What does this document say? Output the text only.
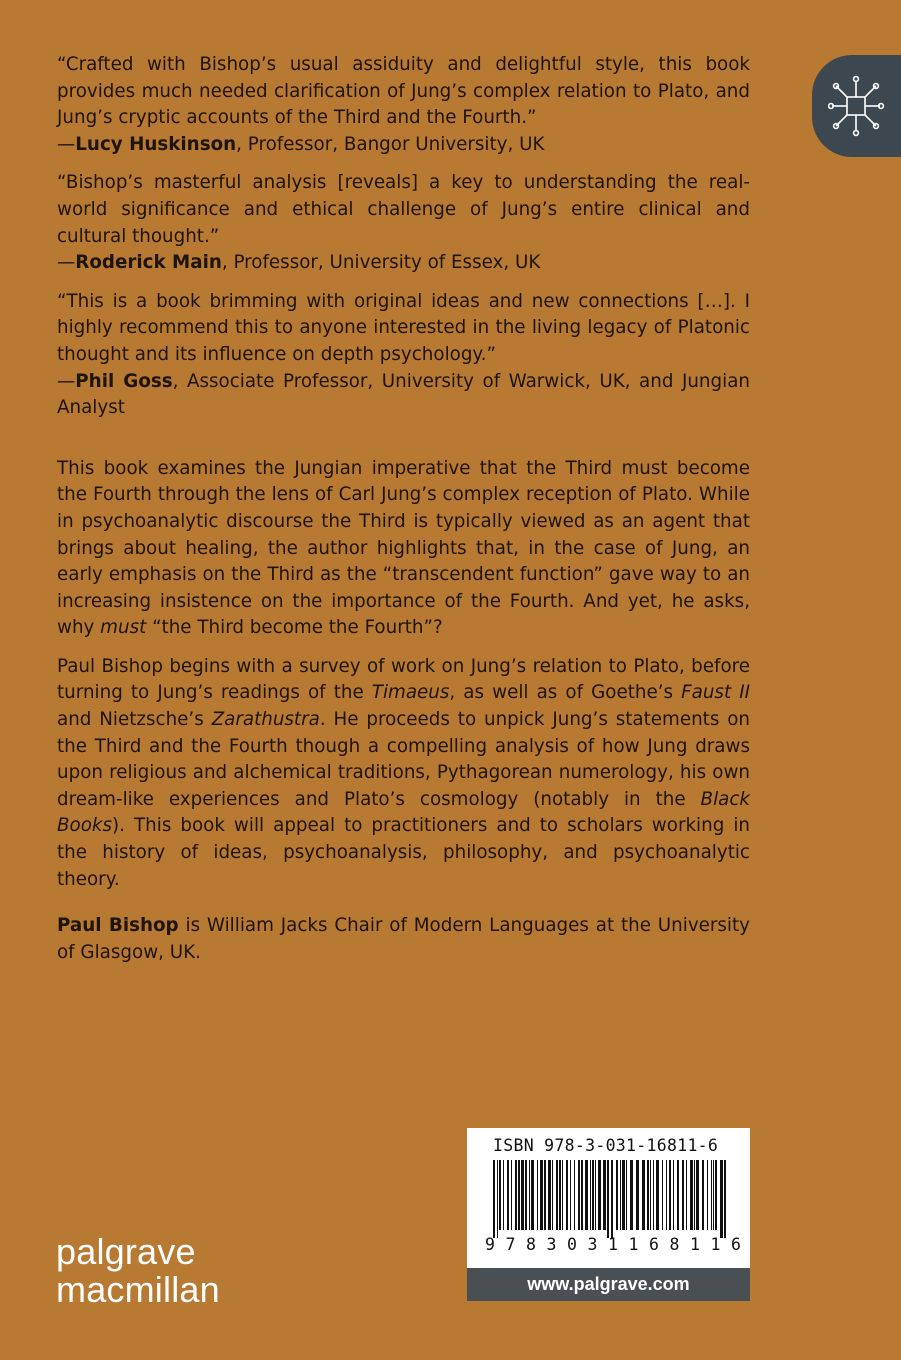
“Crafted with Bishop’s usual assiduity and delightful style, this book provides much needed clarification of Jung’s complex relation to Plato, and Jung’s cryptic accounts of the Third and the Fourth.”

—Lucy Huskinson, Professor, Bangor University, UK

“Bishop’s masterful analysis [reveals] a key to understanding the real-world significance and ethical challenge of Jung’s entire clinical and cultural thought.”

—Roderick Main, Professor, University of Essex, UK

“This is a book brimming with original ideas and new connections […]. I highly recommend this to anyone interested in the living legacy of Platonic thought and its influence on depth psychology.”

—Phil Goss, Associate Professor, University of Warwick, UK, and Jungian Analyst

This book examines the Jungian imperative that the Third must become the Fourth through the lens of Carl Jung’s complex reception of Plato. While in psychoanalytic discourse the Third is typically viewed as an agent that brings about healing, the author highlights that, in the case of Jung, an early emphasis on the Third as the “transcendent function” gave way to an increasing insistence on the importance of the Fourth. And yet, he asks, why must “the Third become the Fourth”?

Paul Bishop begins with a survey of work on Jung’s relation to Plato, before turning to Jung’s readings of the Timaeus, as well as of Goethe’s Faust II and Nietzsche’s Zarathustra. He proceeds to unpick Jung’s statements on the Third and the Fourth though a compelling analysis of how Jung draws upon religious and alchemical traditions, Pythagorean numerology, his own dream-like experiences and Plato’s cosmology (notably in the Black Books). This book will appeal to practitioners and to scholars working in the history of ideas, psychoanalysis, philosophy, and psychoanalytic theory.

Paul Bishop is William Jacks Chair of Modern Languages at the University of Glasgow, UK.

ISBN 978-3-031-16811-6
9 7 8 3 0 3 1 1 6 8 1 1 6
www.palgrave.com
palgrave
macmillan
